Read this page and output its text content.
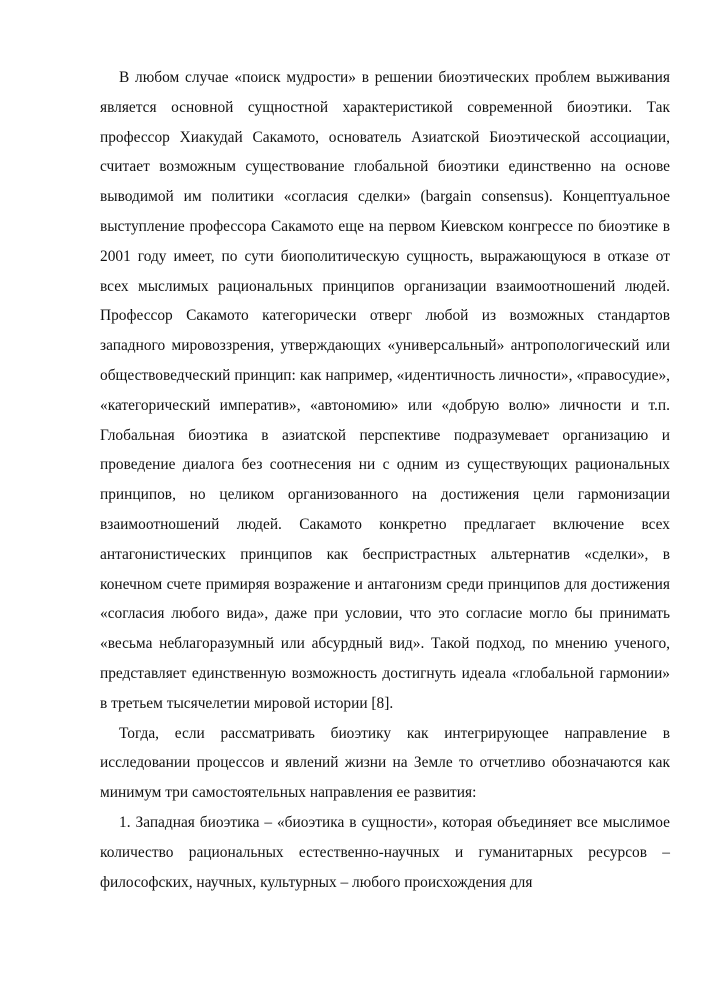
В любом случае «поиск мудрости» в решении биоэтических проблем выживания является основной сущностной характеристикой современной биоэтики. Так профессор Хиакудай Сакамото, основатель Азиатской Биоэтической ассоциации, считает возможным существование глобальной биоэтики единственно на основе выводимой им политики «согласия сделки» (bargain consensus). Концептуальное выступление профессора Сакамото еще на первом Киевском конгрессе по биоэтике в 2001 году имеет, по сути биополитическую сущность, выражающуюся в отказе от всех мыслимых рациональных принципов организации взаимоотношений людей. Профессор Сакамото категорически отверг любой из возможных стандартов западного мировоззрения, утверждающих «универсальный» антропологический или обществоведческий принцип: как например, «идентичность личности», «правосудие», «категорический императив», «автономию» или «добрую волю» личности и т.п. Глобальная биоэтика в азиатской перспективе подразумевает организацию и проведение диалога без соотнесения ни с одним из существующих рациональных принципов, но целиком организованного на достижения цели гармонизации взаимоотношений людей. Сакамото конкретно предлагает включение всех антагонистических принципов как беспристрастных альтернатив «сделки», в конечном счете примиряя возражение и антагонизм среди принципов для достижения «согласия любого вида», даже при условии, что это согласие могло бы принимать «весьма неблагоразумный или абсурдный вид». Такой подход, по мнению ученого, представляет единственную возможность достигнуть идеала «глобальной гармонии» в третьем тысячелетии мировой истории [8].

Тогда, если рассматривать биоэтику как интегрирующее направление в исследовании процессов и явлений жизни на Земле то отчетливо обозначаются как минимум три самостоятельных направления ее развития:

1. Западная биоэтика – «биоэтика в сущности», которая объединяет все мыслимое количество рациональных естественно-научных и гуманитарных ресурсов – философских, научных, культурных – любого происхождения для
